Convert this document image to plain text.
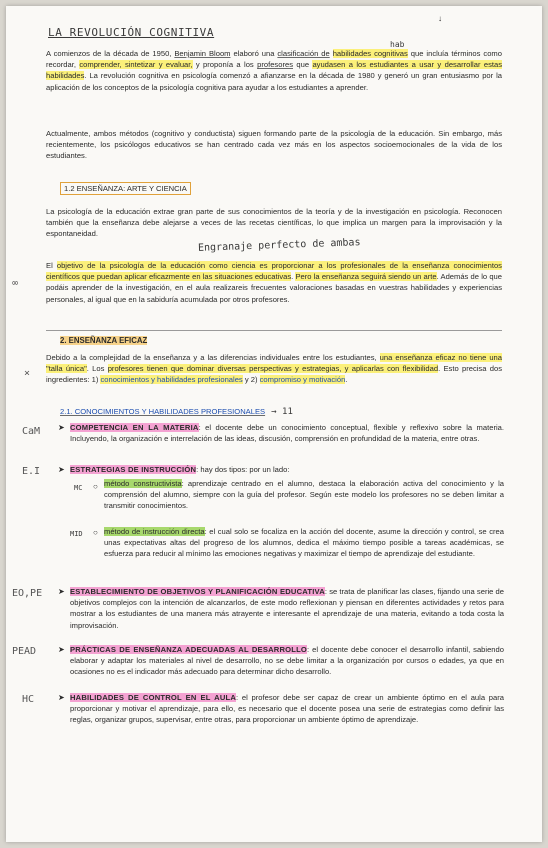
LA REVOLUCIÓN COGNITIVA
hab
↓

A comienzos de la década de 1950, Benjamin Bloom elaboró una clasificación de habilidades cognitivas que incluía términos como recordar, comprender, sintetizar y evaluar, y proponía a los profesores que ayudasen a los estudiantes a usar y desarrollar estas habilidades. La revolución cognitiva en psicología comenzó a afianzarse en la década de 1980 y generó un gran entusiasmo por la aplicación de los conceptos de la psicología cognitiva para ayudar a los estudiantes a aprender.

Actualmente, ambos métodos (cognitivo y conductista) siguen formando parte de la psicología de la educación. Sin embargo, más recientemente, los psicólogos educativos se han centrado cada vez más en los aspectos socioemocionales de la vida de los estudiantes.

1.2 ENSEÑANZA: ARTE Y CIENCIA

La psicología de la educación extrae gran parte de sus conocimientos de la teoría y de la investigación en psicología. Reconocen también que la enseñanza debe alejarse a veces de las recetas científicas, lo que implica un margen para la improvisación y la espontaneidad.

Engranaje perfecto de ambas

El objetivo de la psicología de la educación como ciencia es proporcionar a los profesionales de la enseñanza conocimientos científicos que puedan aplicar eficazmente en las situaciones educativas. Pero la enseñanza seguirá siendo un arte. Además de lo que podáis aprender de la investigación, en el aula realizareis frecuentes valoraciones basadas en vuestras habilidades y experiencias personales, al igual que en la sabiduría acumulada por otros profesores.

∞
2. ENSEÑANZA EFICAZ

Debido a la complejidad de la enseñanza y a las diferencias individuales entre los estudiantes, una enseñanza eficaz no tiene una "talla única". Los profesores tienen que dominar diversas perspectivas y estrategias, y aplicarlas con flexibilidad. Esto precisa dos ingredientes: 1) conocimientos y habilidades profesionales y 2) compromiso y motivación.

×
2.1. CONOCIMIENTOS Y HABILIDADES PROFESIONALES → 11
CaM ➤ COMPETENCIA EN LA MATERIA: el docente debe un conocimiento conceptual, flexible y reflexivo sobre la materia. Incluyendo, la organización e interrelación de las ideas, discusión, comprensión en profundidad de la materia, entre otras.

E.I ➤ ESTRATEGIAS DE INSTRUCCIÓN: hay dos tipos: por un lado:

MC ○ método constructivista: aprendizaje centrado en el alumno, destaca la elaboración activa del conocimiento y la comprensión del alumno, siempre con la guía del profesor. Según este modelo los profesores no se deben limitar a transmitir conocimientos.

MID ○ método de instrucción directa: el cual solo se focaliza en la acción del docente, asume la dirección y control, se crea unas expectativas altas del progreso de los alumnos, dedica el máximo tiempo posible a tareas académicas, se esfuerza para reducir al mínimo las emociones negativas y maximizar el tiempo de aprendizaje del estudiante.

EO,PE ➤ ESTABLECIMIENTO DE OBJETIVOS Y PLANIFICACIÓN EDUCATIVA: se trata de planificar las clases, fijando una serie de objetivos complejos con la intención de alcanzarlos, de este modo reflexionan y piensan en diferentes actividades y retos para mostrar a los estudiantes de una manera más atrayente e interesante el aprendizaje de una materia, evitando a toda costa la improvisación.

PEAD	➤ PRÁCTICAS DE ENSEÑANZA ADECUADAS AL DESARROLLO: el docente debe conocer el desarrollo infantil, sabiendo elaborar y adaptar los materiales al nivel de desarrollo, no se debe limitar a la organización por cursos o edades, ya que en ocasiones no es el indicador más adecuado para determinar dicho desarrollo.

HC	➤ HABILIDADES DE CONTROL EN EL AULA: el profesor debe ser capaz de crear un ambiente óptimo en el aula para proporcionar y motivar el aprendizaje, para ello, es necesario que el docente posea una serie de estrategias como definir las reglas, organizar grupos, supervisar, entre otras, para proporcionar un ambiente óptimo de aprendizaje.
